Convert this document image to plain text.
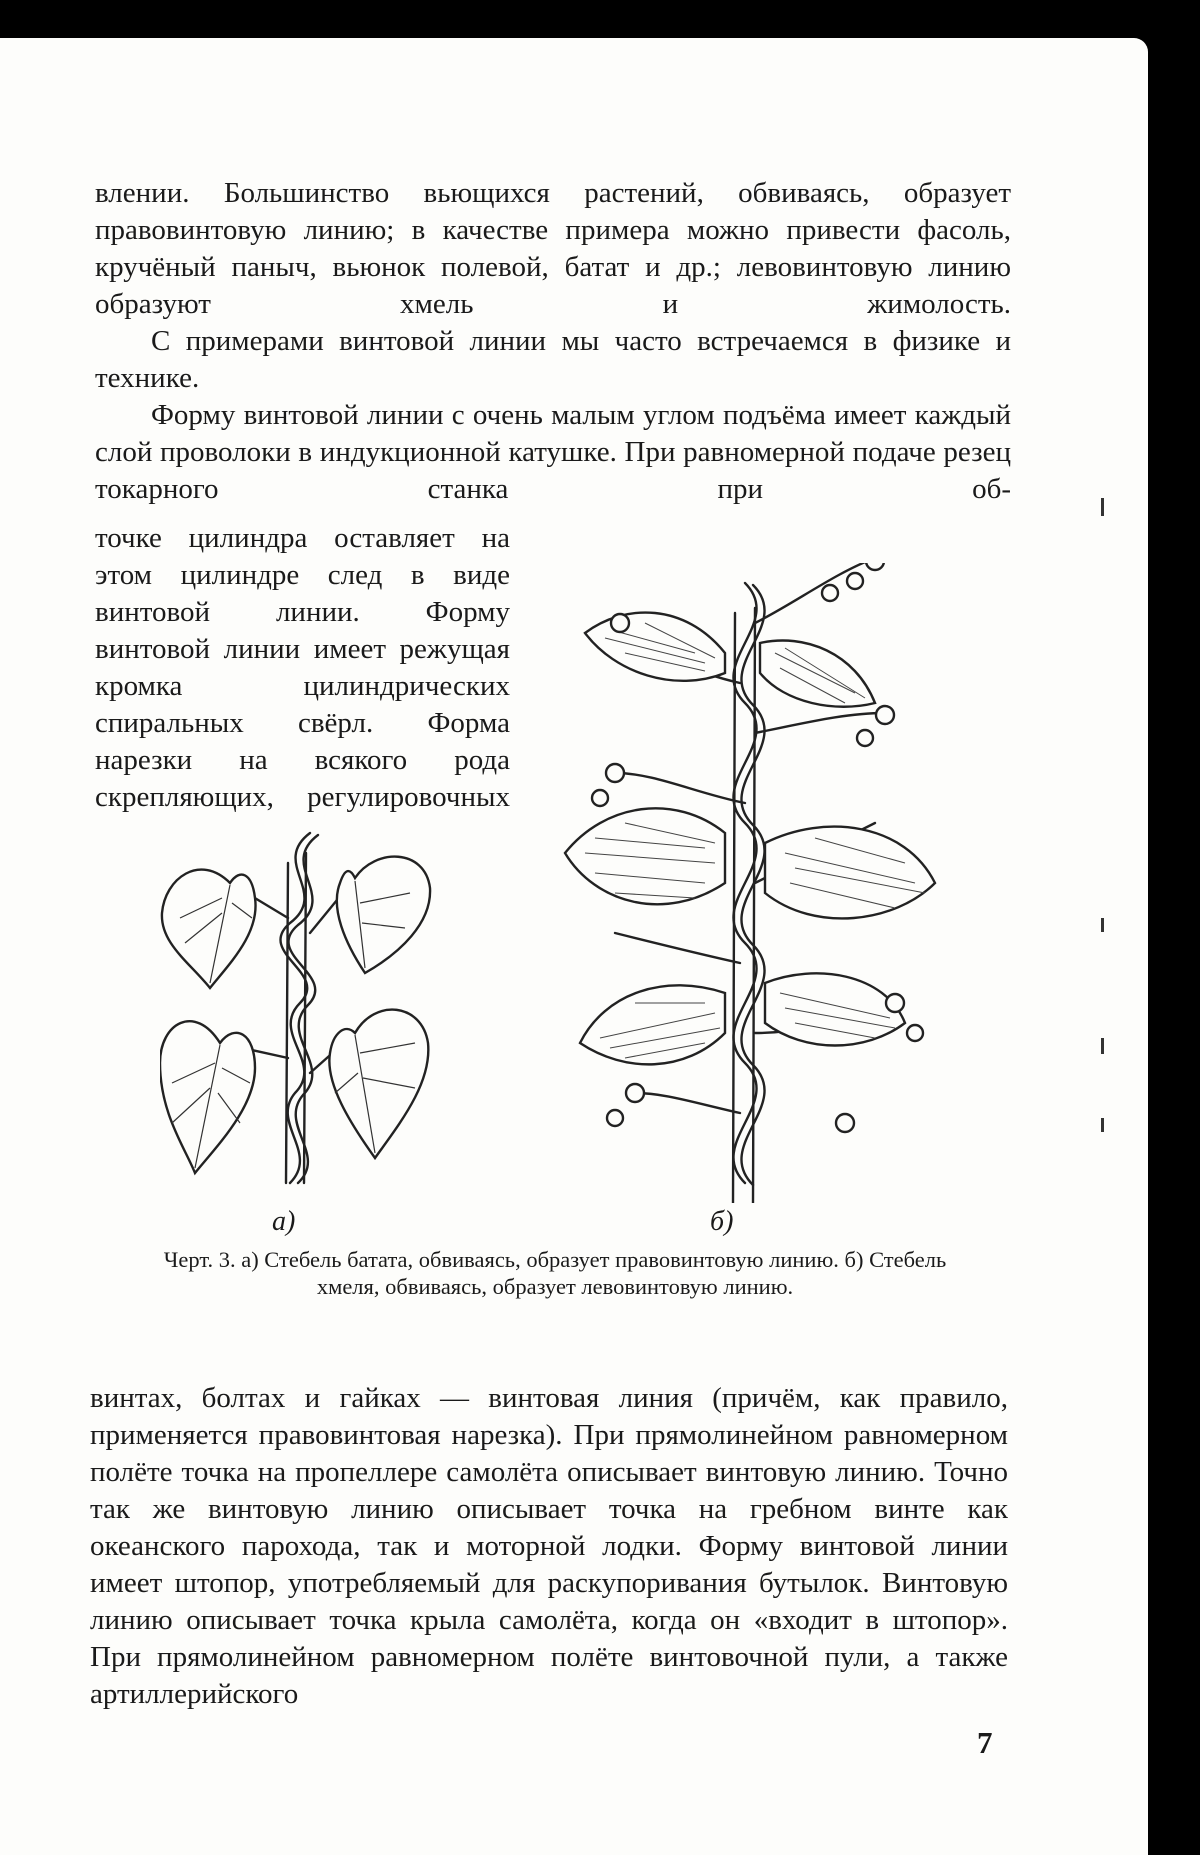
влении. Большинство вьющихся растений, обвиваясь, образует правовинтовую линию; в качестве примера можно привести фасоль, кручёный паныч, вьюнок полевой, батат и др.; левовинтовую линию образуют хмель и жимолость.

С примерами винтовой линии мы часто встречаемся в физике и технике.

Форму винтовой линии с очень малым углом подъёма имеет каждый слой проволоки в индукционной катушке. При равномерной подаче резец токарного станка при об-

точке цилиндра оставляет на этом цилиндре след в виде винтовой линии. Форму винтовой линии имеет режущая кромка цилиндрических спиральных свёрл. Форма нарезки на всякого рода скрепляющих, регулировочных

а)	б)

Черт. 3. а) Стебель батата, обвиваясь, образует правовинтовую линию. б) Стебель хмеля, обвиваясь, образует левовинтовую линию.

винтах, болтах и гайках — винтовая линия (причём, как правило, применяется правовинтовая нарезка). При прямолинейном равномерном полёте точка на пропеллере самолёта описывает винтовую линию. Точно так же винтовую линию описывает точка на гребном винте как океанского парохода, так и моторной лодки. Форму винтовой линии имеет штопор, употребляемый для раскупоривания бутылок. Винтовую линию описывает точка крыла самолёта, когда он «входит в штопор». При прямолинейном равномерном полёте винтовочной пули, а также артиллерийского

7
